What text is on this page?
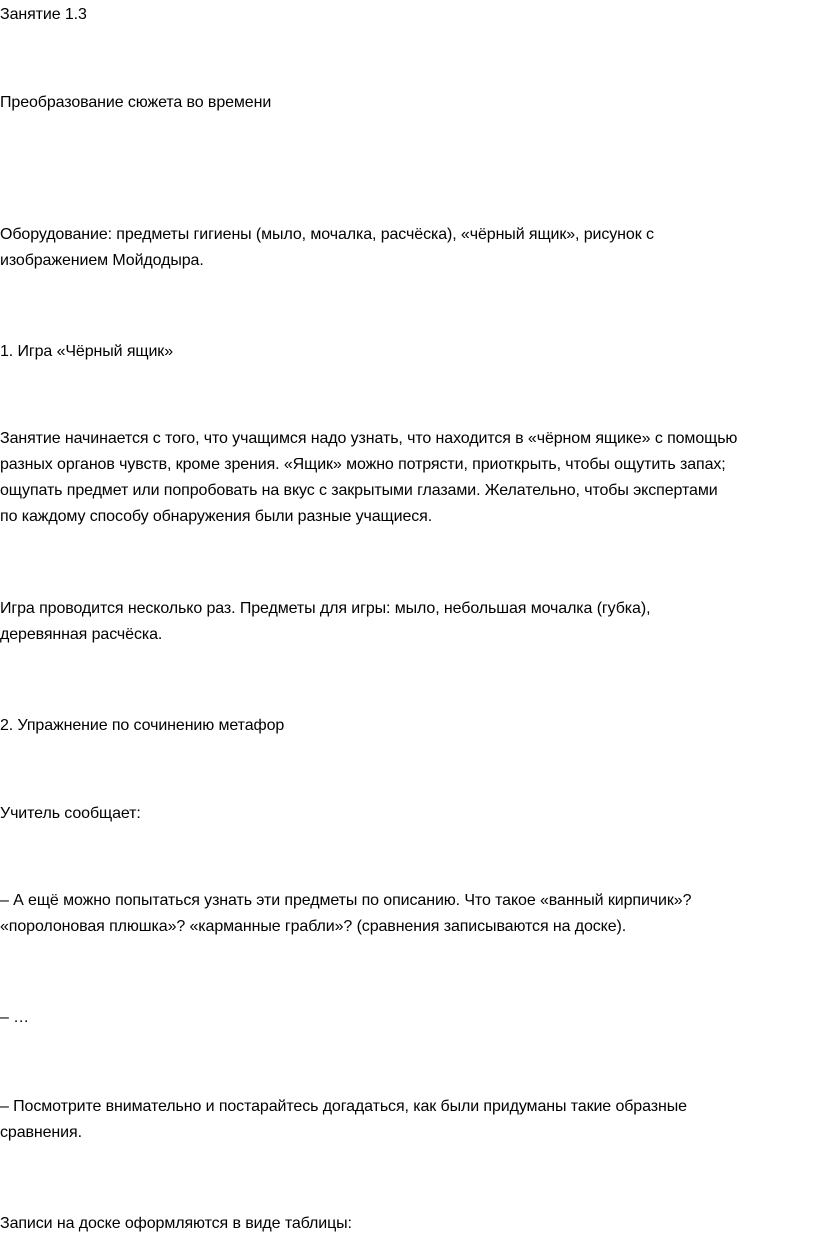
Занятие 1.3

Преобразование сюжета во времени

Оборудование: предметы гигиены (мыло, мочалка, расчёска), «чёрный ящик», рисунок с
изображением Мойдодыра.

1. Игра «Чёрный ящик»

Занятие начинается с того, что учащимся надо узнать, что находится в «чёрном ящике» с помощью
разных органов чувств, кроме зрения. «Ящик» можно потрясти, приоткрыть, чтобы ощутить запах;
ощупать предмет или попробовать на вкус с закрытыми глазами. Желательно, чтобы экспертами
по каждому способу обнаружения были разные учащиеся.

Игра проводится несколько раз. Предметы для игры: мыло, небольшая мочалка (губка),
деревянная расчёска.

2. Упражнение по сочинению метафор

Учитель сообщает:

– А ещё можно попытаться узнать эти предметы по описанию. Что такое «ванный кирпичик»?
«поролоновая плюшка»? «карманные грабли»? (сравнения записываются на доске).

– …

– Посмотрите внимательно и постарайтесь догадаться, как были придуманы такие образные
сравнения.

Записи на доске оформляются в виде таблицы:
